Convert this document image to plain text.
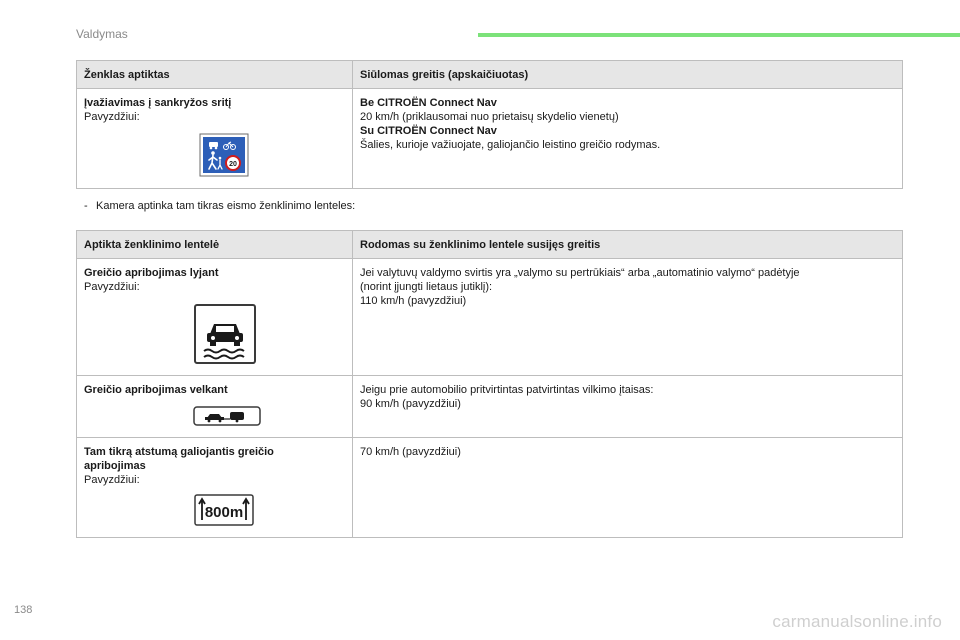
Valdymas
Ženklas aptiktas	Siūlomas greitis (apskaičiuotas)

Įvažiavimas į sankryžos sritį
Pavyzdžiui:
20	Be CITROËN Connect Nav
20 km/h (priklausomai nuo prietaisų skydelio vienetų)
Su CITROËN Connect Nav
Šalies, kurioje važiuojate, galiojančio leistino greičio rodymas.
- Kamera aptinka tam tikras eismo ženklinimo lenteles:
Aptikta ženklinimo lentelė	Rodomas su ženklinimo lentele susijęs greitis

Greičio apribojimas lyjant
Pavyzdžiui:	Jei valytuvų valdymo svirtis yra „valymo su pertrūkiais“ arba „automatinio valymo“ padėtyje
(norint įjungti lietaus jutiklį):
110 km/h (pavyzdžiui)

Greičio apribojimas velkant	Jeigu prie automobilio pritvirtintas patvirtintas vilkimo įtaisas:
90 km/h (pavyzdžiui)

Tam tikrą atstumą galiojantis greičio
apribojimas
Pavyzdžiui:
800m	70 km/h (pavyzdžiui)
138
carmanualsonline.info
